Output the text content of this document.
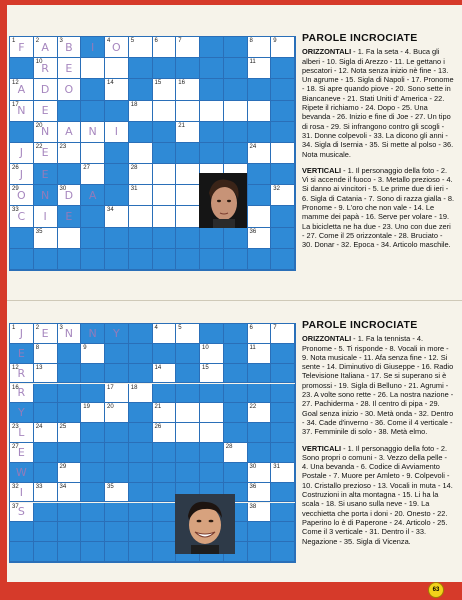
1 F	2 A	3 B	I	4 O	5	6	7	8	9
10
R	E	11
12
A	D	O	14	15	16
17
N	E	18
20
N	A	N	I	21
J	22 E	23	24
26 J	E	27	28
29
O	N	30
D	A	31	32
33
C	I	E	34
35	36
PAROLE INCROCIATE

ORIZZONTALI - 1. Fa la seta - 4. Buca gli alberi - 10. Sigla di Arezzo - 11. Le gettano i pescatori - 12. Nota senza inizio nè fine - 13. Un agrume - 15. Sigla di Napoli - 17. Pronome - 18. Si apre quando piove - 20. Sono sette in Biancaneve - 21. Stati Uniti d' America - 22. Ripete il richiamo - 24. Dopo - 25. Una bevanda - 26. Inizio e fine di Joe - 27. Un tipo di rosa - 29. Si infrangono contro gli scogli - 31. Donne colpevoli - 33. La dicono gli anni - 34. Sigla di Isernia - 35. Si mette al polso - 36. Nota musicale.

VERTICALI - 1. Il personaggio della foto - 2. Vi si accende il fuoco - 3. Metallo prezioso - 4. Si danno ai vincitori - 5. Le prime due di ieri - 6. Sigla di Catania - 7. Sono di razza gialla - 8. Pronome - 9. L'oro che non vale - 14. Le mamme dei papà - 16. Serve per volare - 19. La bicicletta ne ha due - 23. Uno con due zeri - 27. Come il 25 orizzontale - 28. Bruciato - 30. Donar - 32. Epoca - 34. Articolo maschile.

1 J	2 E	3 N	N	Y	4	5	6	7
E	8	9	10	11
12
R	13	14	15
16
R	17	18
Y	19	20	21	22
23 L	24	25	26
27 E	28
W	29	30	31
32 I	33	34	35	36
37 S	38
PAROLE INCROCIATE

ORIZZONTALI - 1. Fa la tennista - 4. Pronome - 5. Ti risponde - 8. Vocali in more - 9. Nota musicale - 11. Afa senza fine - 12. Si sente - 14. Diminutivo di Giuseppe - 16. Radio Televisione Italiana - 17. Se si superano si è promossi - 19. Sigla di Belluno - 21. Agrumi - 23. A volte sono rette - 26. La nostra nazione - 27. Pachiderma - 28. Il centro di pipa - 29. Goal senza inizio - 30. Metà onda - 32. Dentro - 34. Cade d'inverno - 36. Come il 4 verticale - 37. Femminile di solo - 38. Metà elmo.

VERTICALI - 1. Il personaggio della foto - 2. Sono propri o comuni - 3. Vezzo della pelle - 4. Una bevanda - 6. Codice di Avviamento Postale - 7. Muore per Amleto - 9. Colpevoli - 10. Cristallo prezioso - 13. Vocali in muta - 14. Costruzioni in alta montagna - 15. Li ha la scala - 18. Si usano sulla neve - 19. La vecchietta che porta i doni - 20. Onesto - 22. Paperino lo è di Paperone - 24. Articolo - 25. Come il 3 verticale - 31. Dentro il - 33. Negazione - 35. Sigla di Vicenza.

63
